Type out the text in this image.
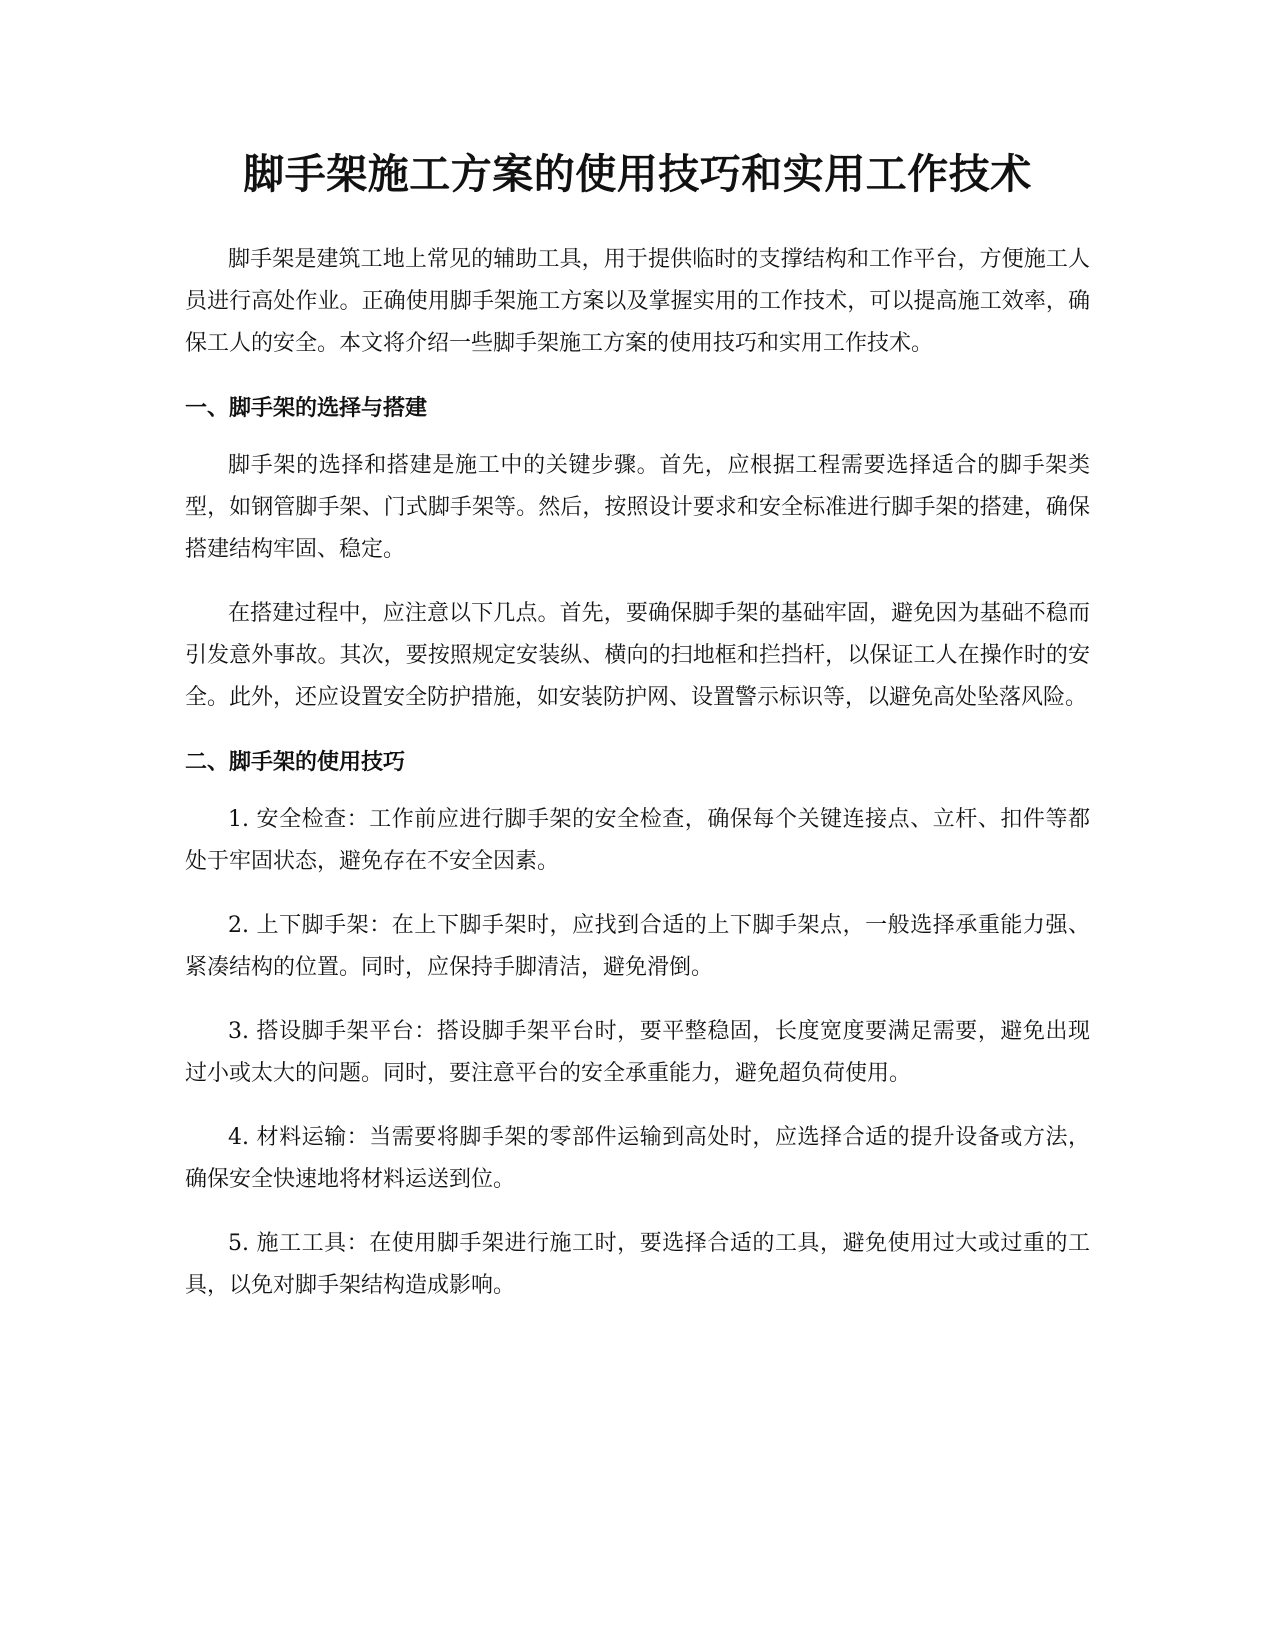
脚手架施工方案的使用技巧和实用工作技术

脚手架是建筑工地上常见的辅助工具，用于提供临时的支撑结构和工作平台，方便施工人员进行高处作业。正确使用脚手架施工方案以及掌握实用的工作技术，可以提高施工效率，确保工人的安全。本文将介绍一些脚手架施工方案的使用技巧和实用工作技术。

一、脚手架的选择与搭建

脚手架的选择和搭建是施工中的关键步骤。首先，应根据工程需要选择适合的脚手架类型，如钢管脚手架、门式脚手架等。然后，按照设计要求和安全标准进行脚手架的搭建，确保搭建结构牢固、稳定。

在搭建过程中，应注意以下几点。首先，要确保脚手架的基础牢固，避免因为基础不稳而引发意外事故。其次，要按照规定安装纵、横向的扫地框和拦挡杆，以保证工人在操作时的安全。此外，还应设置安全防护措施，如安装防护网、设置警示标识等，以避免高处坠落风险。

二、脚手架的使用技巧

1. 安全检查：工作前应进行脚手架的安全检查，确保每个关键连接点、立杆、扣件等都处于牢固状态，避免存在不安全因素。

2. 上下脚手架：在上下脚手架时，应找到合适的上下脚手架点，一般选择承重能力强、紧凑结构的位置。同时，应保持手脚清洁，避免滑倒。

3. 搭设脚手架平台：搭设脚手架平台时，要平整稳固，长度宽度要满足需要，避免出现过小或太大的问题。同时，要注意平台的安全承重能力，避免超负荷使用。

4. 材料运输：当需要将脚手架的零部件运输到高处时，应选择合适的提升设备或方法，确保安全快速地将材料运送到位。

5. 施工工具：在使用脚手架进行施工时，要选择合适的工具，避免使用过大或过重的工具，以免对脚手架结构造成影响。
